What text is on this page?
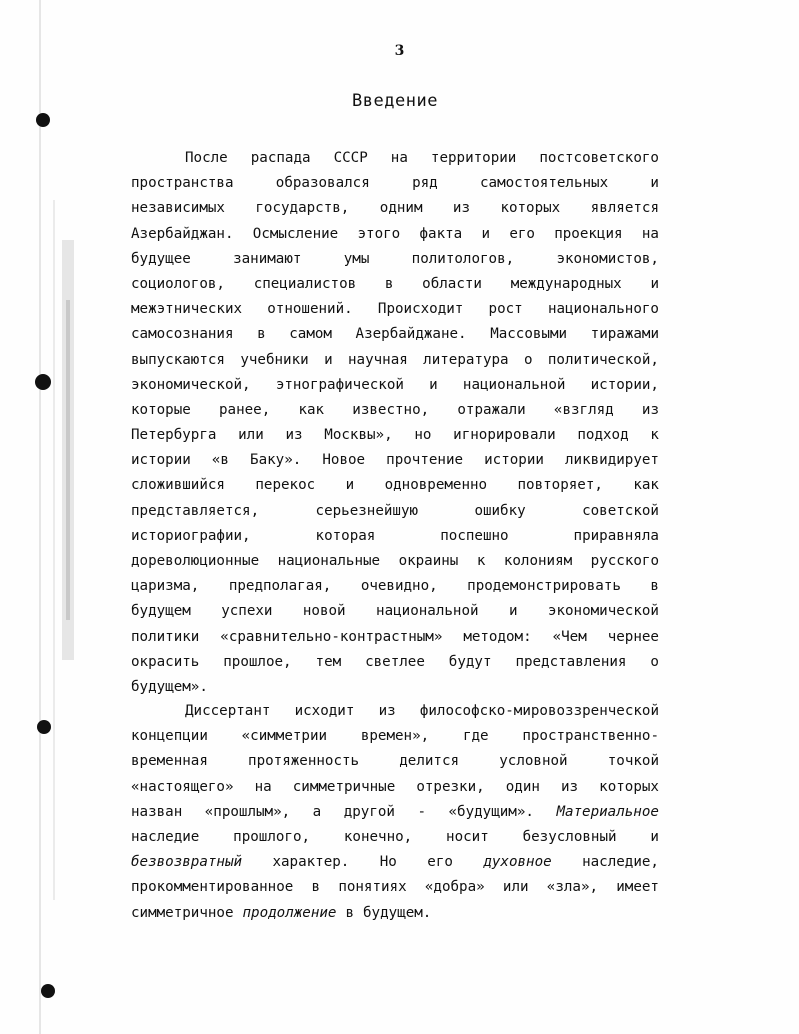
3
Введение
После распада СССР на территории постсоветского
пространства	образовался	ряд	самостоятельных	и
независимых государств, одним из которых является
Азербайджан. Осмысление этого факта и его проекция на
будущее	занимают	умы	политологов,	экономистов,
социологов, специалистов в области международных и
межэтнических отношений. Происходит рост национального
самосознания в самом Азербайджане. Массовыми тиражами
выпускаются учебники и научная литература о политической,
экономической, этнографической и национальной истории,
которые ранее, как известно, отражали «взгляд из
Петербурга или из Москвы», но игнорировали подход к
истории «в Баку». Новое прочтение истории ликвидирует
сложившийся перекос и одновременно повторяет, как
представляется,	серьезнейшую	ошибку	советской
историографии,	которая	поспешно	приравняла
дореволюционные национальные окраины к колониям русского
царизма, предполагая, очевидно, продемонстрировать в
будущем успехи новой национальной и экономической
политики «сравнительно-контрастным» методом: «Чем чернее
окрасить прошлое, тем светлее будут представления о
будущем».
Диссертант исходит из философско-мировоззренческой
концепции «симметрии времен», где пространственно-
временная	протяженность	делится	условной	точкой
«настоящего» на симметричные отрезки, один из которых
назван «прошлым», а другой - «будущим». Материальное
наследие прошлого, конечно, носит безусловный и
безвозвратный характер. Но его духовное наследие,
прокомментированное в понятиях «добра» или «зла», имеет
симметричное продолжение в будущем.
